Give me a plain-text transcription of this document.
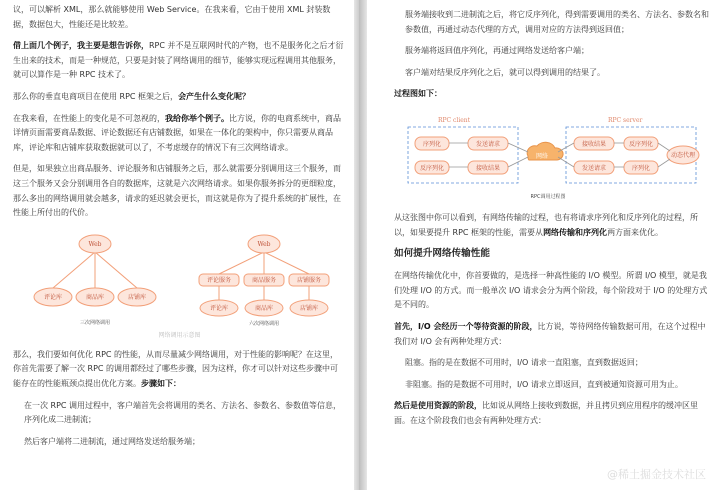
议，可以解析 XML，那么就能够使用 Web Service。在我来看，它由于使用 XML 封装数据，数据包大，性能还是比较差。

借上面几个例子，我主要是想告诉你，RPC 并不是互联网时代的产物，也不是服务化之后才衍生出来的技术，而是一种规范，只要是封装了网络调用的细节，能够实现远程调用其他服务，就可以算作是一种 RPC 技术了。

那么你的垂直电商项目在使用 RPC 框架之后，会产生什么变化呢？

在我来看，在性能上的变化是不可忽视的，我给你举个例子。比方说，你的电商系统中，商品详情页面需要商品数据、评论数据还有店铺数据，如果在一体化的架构中，你只需要从商品库，评论库和店铺库获取数据就可以了，不考虑缓存的情况下有三次网络请求。

但是，如果独立出商品服务、评论服务和店铺服务之后，那么就需要分别调用这三个服务，而这三个服务又会分别调用各自的数据库，这就是六次网络请求。如果你服务拆分的更细粒度，那么多出的网络调用就会越多，请求的延迟就会更长，而这就是你为了提升系统的扩展性，在性能上所付出的代价。

Web	Web
评论库	商品库	店铺库
评论服务	商品服务	店铺服务
评论库	商品库	店铺库
三次网络调用	六次网络调用
网络调用示意图

那么，我们要如何优化 RPC 的性能，从而尽量减少网络调用，对于性能的影响呢？在这里，你首先需要了解一次 RPC 的调用都经过了哪些步骤，因为这样，你才可以针对这些步骤中可能存在的性能瓶颈点提出优化方案。步骤如下：

在一次 RPC 调用过程中，客户端首先会将调用的类名、方法名、参数名、参数值等信息，序列化成二进制流；

然后客户端将二进制流，通过网络发送给服务端；

服务端接收到二进制流之后，将它反序列化，得到需要调用的类名、方法名、参数名和参数值，再通过动态代理的方式，调用对应的方法得到返回值；

服务端将返回值序列化，再通过网络发送给客户端；

客户端对结果反序列化之后，就可以得到调用的结果了。

过程图如下：

RPC client	RPC server
序列化	发送请求
反序列化	接收结果
网络
接收结果	反序列化
发送请求	序列化
动态代理
RPC调用过程图

从这张图中你可以看到，有网络传输的过程，也有将请求序列化和反序列化的过程，所以，如果要提升 RPC 框架的性能，需要从网络传输和序列化两方面来优化。

如何提升网络传输性能

在网络传输优化中，你首要做的，是选择一种高性能的 I/O 模型。所谓 I/O 模型，就是我们处理 I/O 的方式。而一般单次 I/O 请求会分为两个阶段，每个阶段对于 I/O 的处理方式是不同的。

首先，I/O 会经历一个等待资源的阶段，比方说，等待网络传输数据可用，在这个过程中我们对 I/O 会有两种处理方式：

阻塞。指的是在数据不可用时，I/O 请求一直阻塞，直到数据返回；

非阻塞。指的是数据不可用时，I/O 请求立即返回，直到被通知资源可用为止。

然后是使用资源的阶段，比如说从网络上接收到数据，并且拷贝到应用程序的缓冲区里面。在这个阶段我们也会有两种处理方式：

@稀土掘金技术社区
